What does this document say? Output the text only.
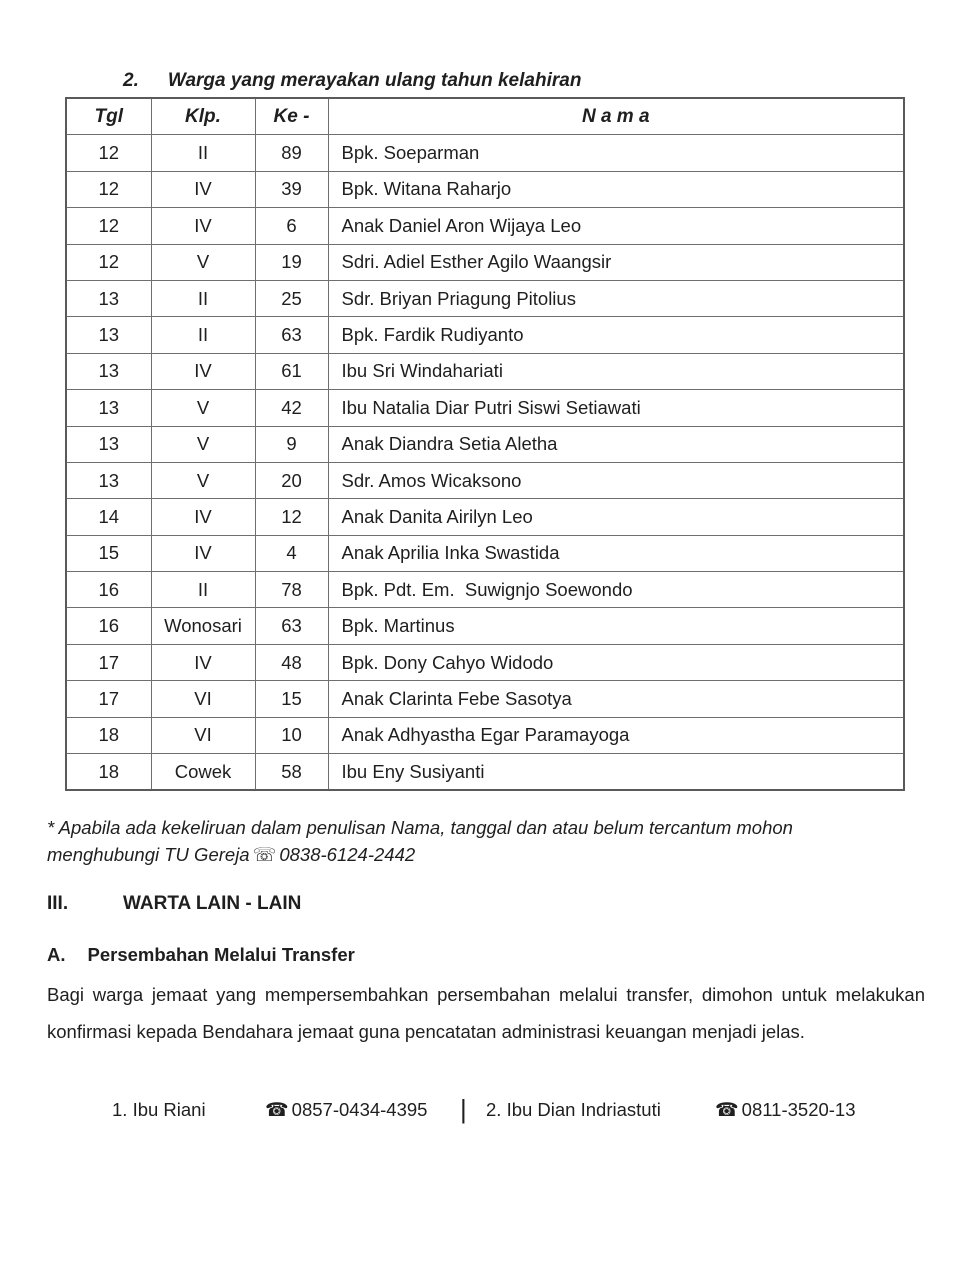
2. Warga yang merayakan ulang tahun kelahiran
Tgl	Klp.	Ke -	N a m a
12	II	89	Bpk. Soeparman
12	IV	39	Bpk. Witana Raharjo
12	IV	6	Anak Daniel Aron Wijaya Leo
12	V	19	Sdri. Adiel Esther Agilo Waangsir
13	II	25	Sdr. Briyan Priagung Pitolius
13	II	63	Bpk. Fardik Rudiyanto
13	IV	61	Ibu Sri Windahariati
13	V	42	Ibu Natalia Diar Putri Siswi Setiawati
13	V	9	Anak Diandra Setia Aletha
13	V	20	Sdr. Amos Wicaksono
14	IV	12	Anak Danita Airilyn Leo
15	IV	4	Anak Aprilia Inka Swastida
16	II	78	Bpk. Pdt. Em.  Suwignjo Soewondo
16	Wonosari	63	Bpk. Martinus
17	IV	48	Bpk. Dony Cahyo Widodo
17	VI	15	Anak Clarinta Febe Sasotya
18	VI	10	Anak Adhyastha Egar Paramayoga
18	Cowek	58	Ibu Eny Susiyanti
* Apabila ada kekeliruan dalam penulisan Nama, tanggal dan atau belum tercantum mohon
menghubungi TU Gereja ☏ 0838-6124-2442
III.	WARTA LAIN - LAIN
A. Persembahan Melalui Transfer
Bagi warga jemaat yang mempersembahkan persembahan melalui transfer, dimohon untuk melakukan konfirmasi kepada Bendahara jemaat guna pencatatan administrasi keuangan menjadi jelas.
1. Ibu Riani	☎ 0857-0434-4395 | 2. Ibu Dian Indriastuti	☎ 0811-3520-13
